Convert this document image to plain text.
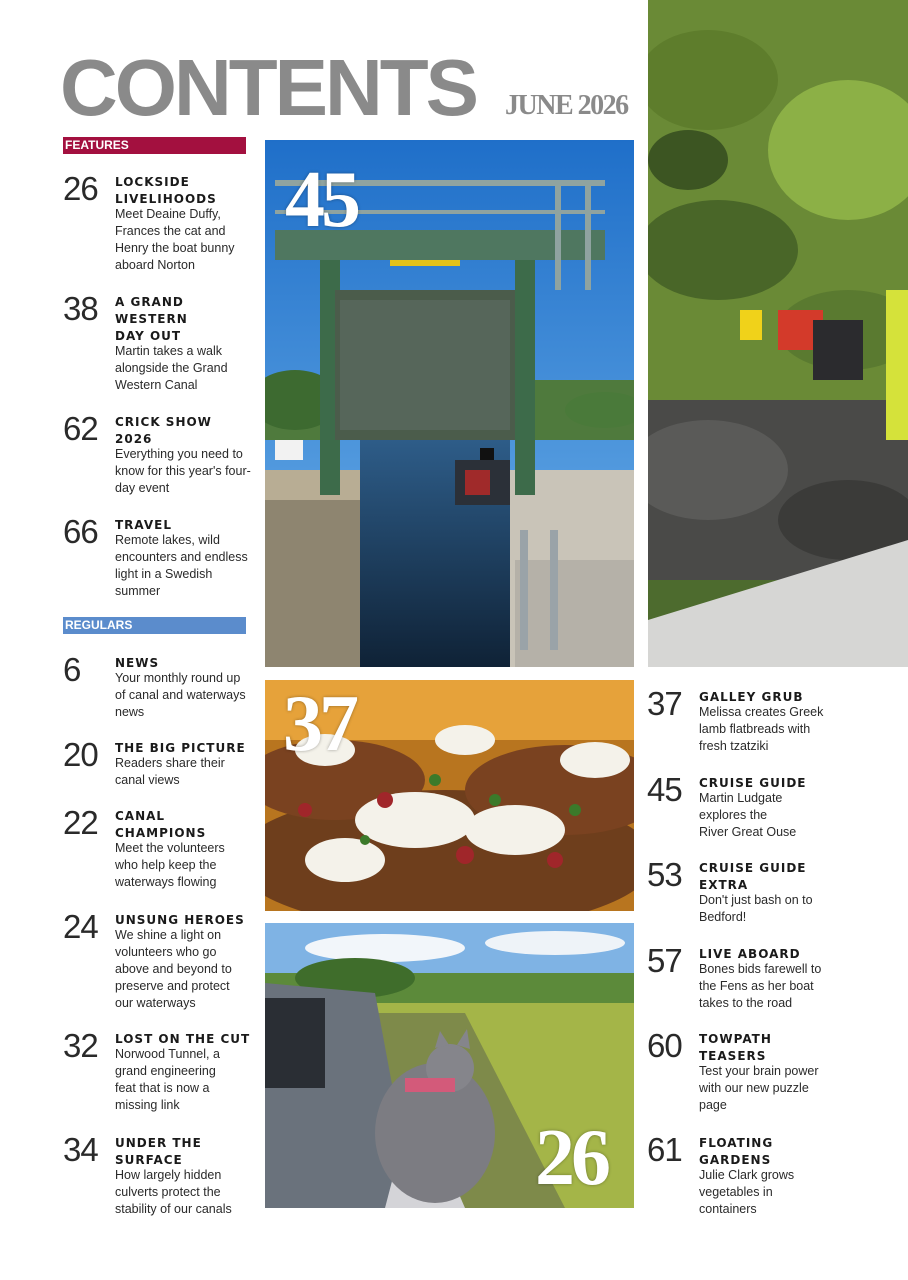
CONTENTS JUNE 2026
FEATURES
26 LOCKSIDE LIVELIHOODS
Meet Deaine Duffy, Frances the cat and Henry the boat bunny aboard Norton
38 A GRAND WESTERN DAY OUT
Martin takes a walk alongside the Grand Western Canal
62 CRICK SHOW 2026
Everything you need to know for this year's four-day event
66 TRAVEL
Remote lakes, wild encounters and endless light in a Swedish summer
REGULARS
6	NEWS
Your monthly round up of canal and waterways news
20 THE BIG PICTURE
Readers share their canal views
22 CANAL CHAMPIONS
Meet the volunteers who help keep the waterways flowing
24 UNSUNG HEROES
We shine a light on volunteers who go above and beyond to preserve and protect our waterways
32 LOST ON THE CUT
Norwood Tunnel, a grand engineering feat that is now a missing link
34 UNDER THE SURFACE
How largely hidden culverts protect the stability of our canals
37 GALLEY GRUB
Melissa creates Greek lamb flatbreads with fresh tzatziki
45 CRUISE GUIDE
Martin Ludgate explores the River Great Ouse
53 CRUISE GUIDE EXTRA
Don't just bash on to Bedford!
57 LIVE ABOARD
Bones bids farewell to the Fens as her boat takes to the road
60 TOWPATH TEASERS
Test your brain power with our new puzzle page
61 FLOATING GARDENS
Julie Clark grows vegetables in containers
45
37
26
